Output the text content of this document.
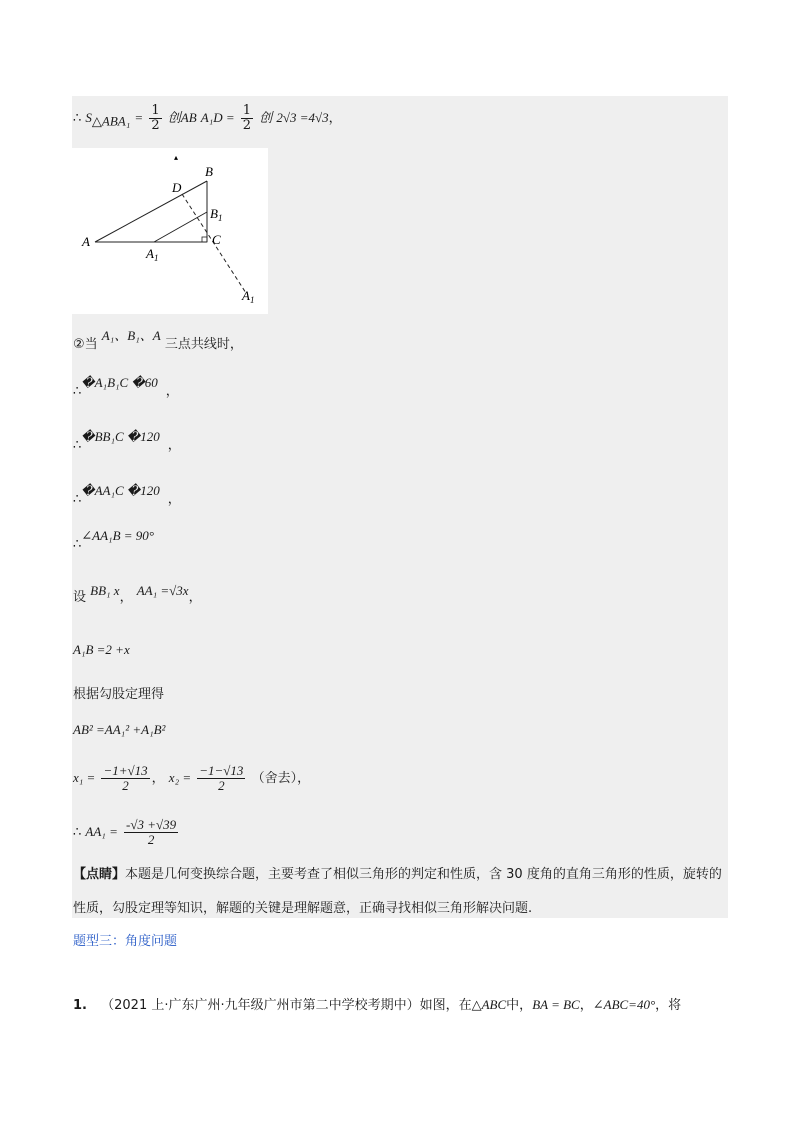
∴ $S_{\triangle ABA_1} = \frac{1}{2}$ 创AB $A_1D = \frac{1}{2}$ 创 2√3 =4√3，
D
B
$B_1$
A	C
$A_1$
$A_1$
▴
②当 A₁、B₁、A 三点共线时，
∴�A₁B₁C �60，
∴�BB₁C �120，
∴�AA₁C �120，
∴∠AA₁B = 90°
设 BB₁ x， AA₁ =√3x，
A₁B =2 +x
根据勾股定理得
AB² =AA₁² +A₁B²
$x_1 = \frac{-1+√13}{2}$ ， $x_2 = \frac{-1-√13}{2}$ （舍去），
∴ $AA_1 = \frac{-√3 +√39}{2}$
【点睛】本题是几何变换综合题，主要考查了相似三角形的判定和性质，含 30 度角的直角三角形的性质，旋转的性质，勾股定理等知识，解题的关键是理解题意，正确寻找相似三角形解决问题.
题型三：角度问题
1. （2021 上·广东广州·九年级广州市第二中学校考期中）如图，在△ABC中，BA = BC，∠ABC=40°，将
